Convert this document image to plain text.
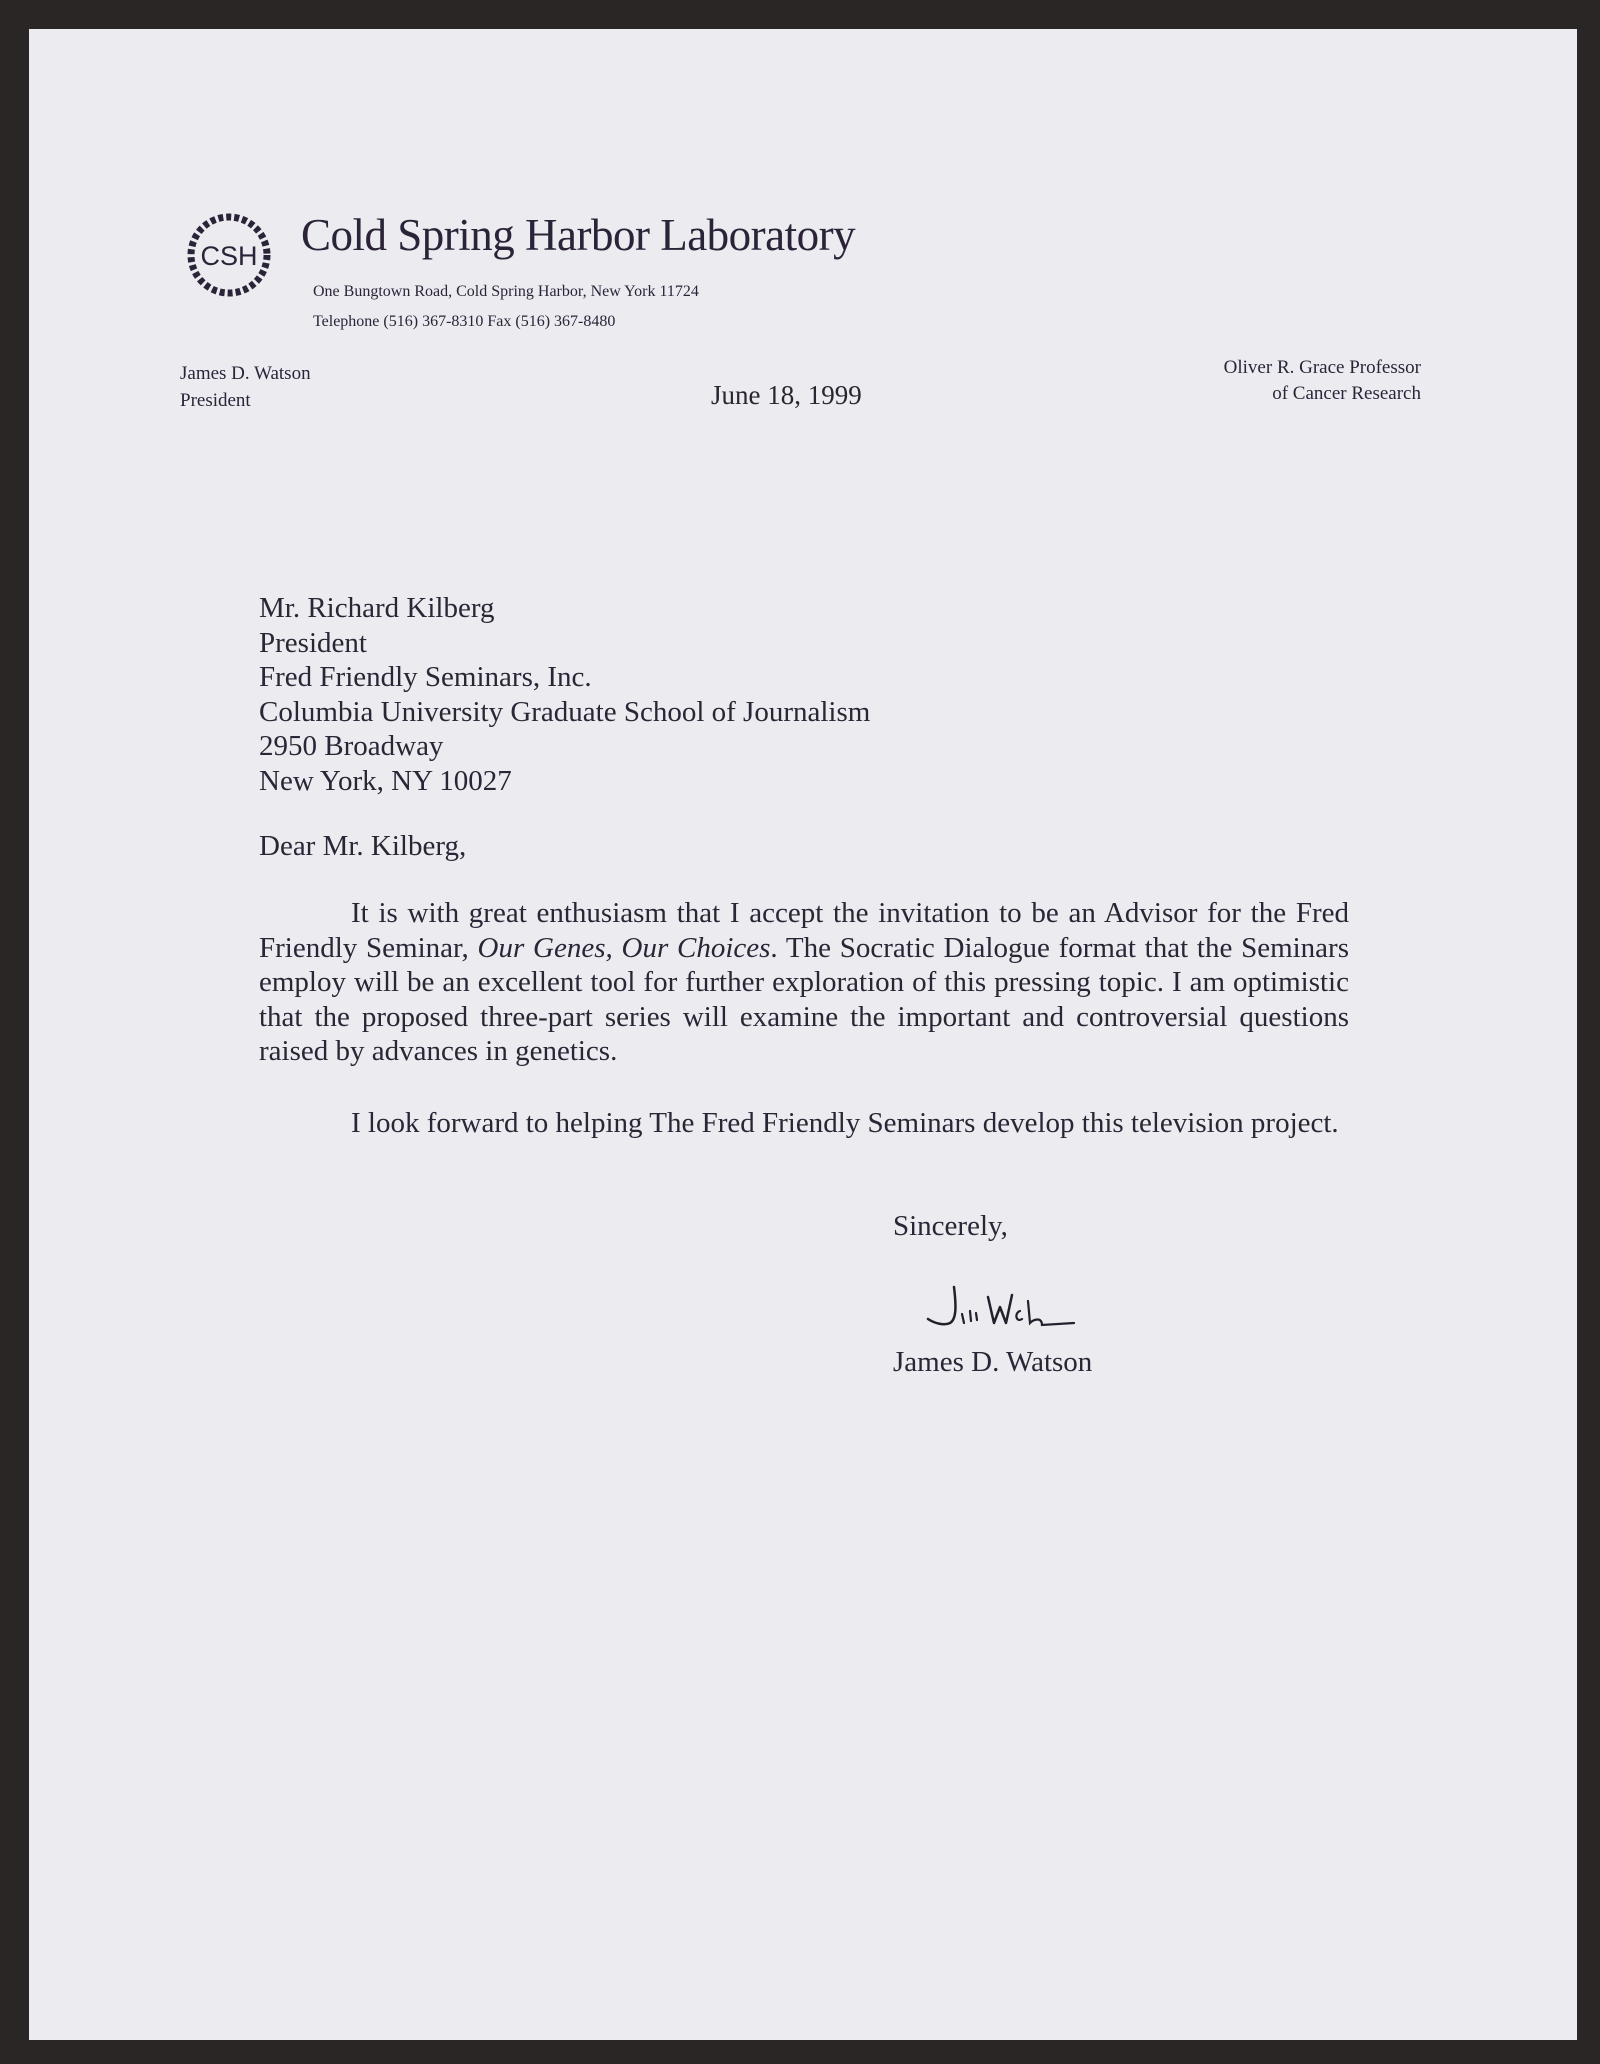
CSH Cold Spring Harbor Laboratory
One Bungtown Road, Cold Spring Harbor, New York 11724
Telephone (516) 367-8310 Fax (516) 367-8480
James D. Watson
President	June 18, 1999
Oliver R. Grace Professor
of Cancer Research
Mr. Richard Kilberg
President
Fred Friendly Seminars, Inc.
Columbia University Graduate School of Journalism
2950 Broadway
New York, NY 10027
Dear Mr. Kilberg,

It is with great enthusiasm that I accept the invitation to be an Advisor for the Fred Friendly Seminar, Our Genes, Our Choices. The Socratic Dialogue format that the Seminars employ will be an excellent tool for further exploration of this pressing topic. I am optimistic that the proposed three-part series will examine the important and controversial questions raised by advances in genetics.

I look forward to helping The Fred Friendly Seminars develop this television project.

Sincerely,
James D. Watson
